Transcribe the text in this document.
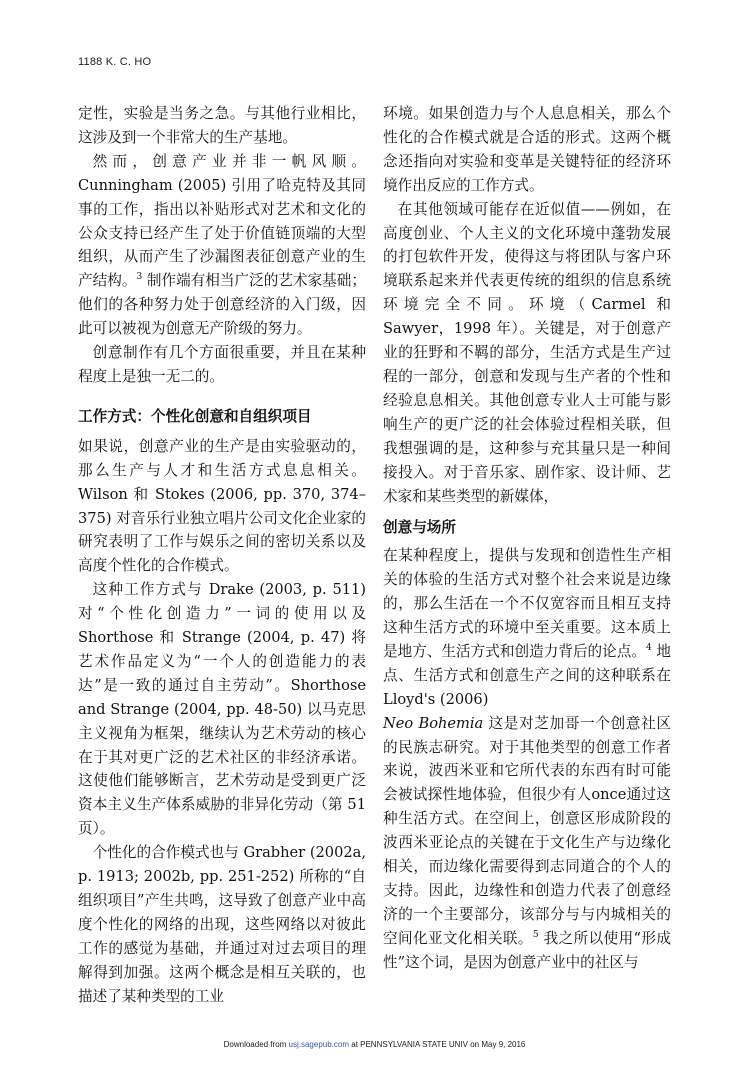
1188 K. C. HO

定性，实验是当务之急。与其他行业相比，这涉及到一个非常大的生产基地。

然而，创意产业并非一帆风顺。Cunningham (2005) 引用了哈克特及其同事的工作，指出以补贴形式对艺术和文化的公众支持已经产生了处于价值链顶端的大型组织，从而产生了沙漏图表征创意产业的生产结构。$^3$ 制作端有相当广泛的艺术家基础；他们的各种努力处于创意经济的入门级，因此可以被视为创意无产阶级的努力。

创意制作有几个方面很重要，并且在某种程度上是独一无二的。

工作方式：个性化创意和自组织项目

如果说，创意产业的生产是由实验驱动的，那么生产与人才和生活方式息息相关。Wilson 和 Stokes (2006, pp. 370, 374–375) 对音乐行业独立唱片公司文化企业家的研究表明了工作与娱乐之间的密切关系以及高度个性化的合作模式。

这种工作方式与 Drake (2003, p. 511) 对“个性化创造力”一词的使用以及 Shorthose 和 Strange (2004, p. 47) 将艺术作品定义为“一个人的创造能力的表达”是一致的通过自主劳动”。Shorthose and Strange (2004, pp. 48-50) 以马克思主义视角为框架，继续认为艺术劳动的核心在于其对更广泛的艺术社区的非经济承诺。这使他们能够断言，艺术劳动是受到更广泛资本主义生产体系威胁的非异化劳动（第 51 页）。

个性化的合作模式也与 Grabher (2002a, p. 1913; 2002b, pp. 251-252) 所称的“自组织项目”产生共鸣，这导致了创意产业中高度个性化的网络的出现，这些网络以对彼此工作的感觉为基础，并通过对过去项目的理解得到加强。这两个概念是相互关联的，也描述了某种类型的工业

环境。如果创造力与个人息息相关，那么个性化的合作模式就是合适的形式。这两个概念还指向对实验和变革是关键特征的经济环境作出反应的工作方式。

在其他领域可能存在近似值——例如，在高度创业、个人主义的文化环境中蓬勃发展的打包软件开发，使得这与将团队与客户环境联系起来并代表更传统的组织的信息系统环境完全不同。环境（Carmel 和 Sawyer，1998 年）。关键是，对于创意产业的狂野和不羁的部分，生活方式是生产过程的一部分，创意和发现与生产者的个性和经验息息相关。其他创意专业人士可能与影响生产的更广泛的社会体验过程相关联，但我想强调的是，这种参与充其量只是一种间接投入。对于音乐家、剧作家、设计师、艺术家和某些类型的新媒体，

创意与场所

在某种程度上，提供与发现和创造性生产相关的体验的生活方式对整个社会来说是边缘的，那么生活在一个不仅宽容而且相互支持这种生活方式的环境中至关重要。这本质上是地方、生活方式和创造力背后的论点。$^4$ 地点、生活方式和创意生产之间的这种联系在 Lloyd's (2006)
Neo Bohemia 这是对芝加哥一个创意社区的民族志研究。对于其他类型的创意工作者来说，波西米亚和它所代表的东西有时可能会被试探性地体验，但很少有人once通过这种生活方式。在空间上，创意区形成阶段的波西米亚论点的关键在于文化生产与边缘化相关，而边缘化需要得到志同道合的个人的支持。因此，边缘性和创造力代表了创意经济的一个主要部分，该部分与与内城相关的空间化亚文化相关联。$^5$ 我之所以使用“形成性”这个词，是因为创意产业中的社区与

Downloaded from usj.sagepub.com at PENNSYLVANIA STATE UNIV on May 9, 2016
